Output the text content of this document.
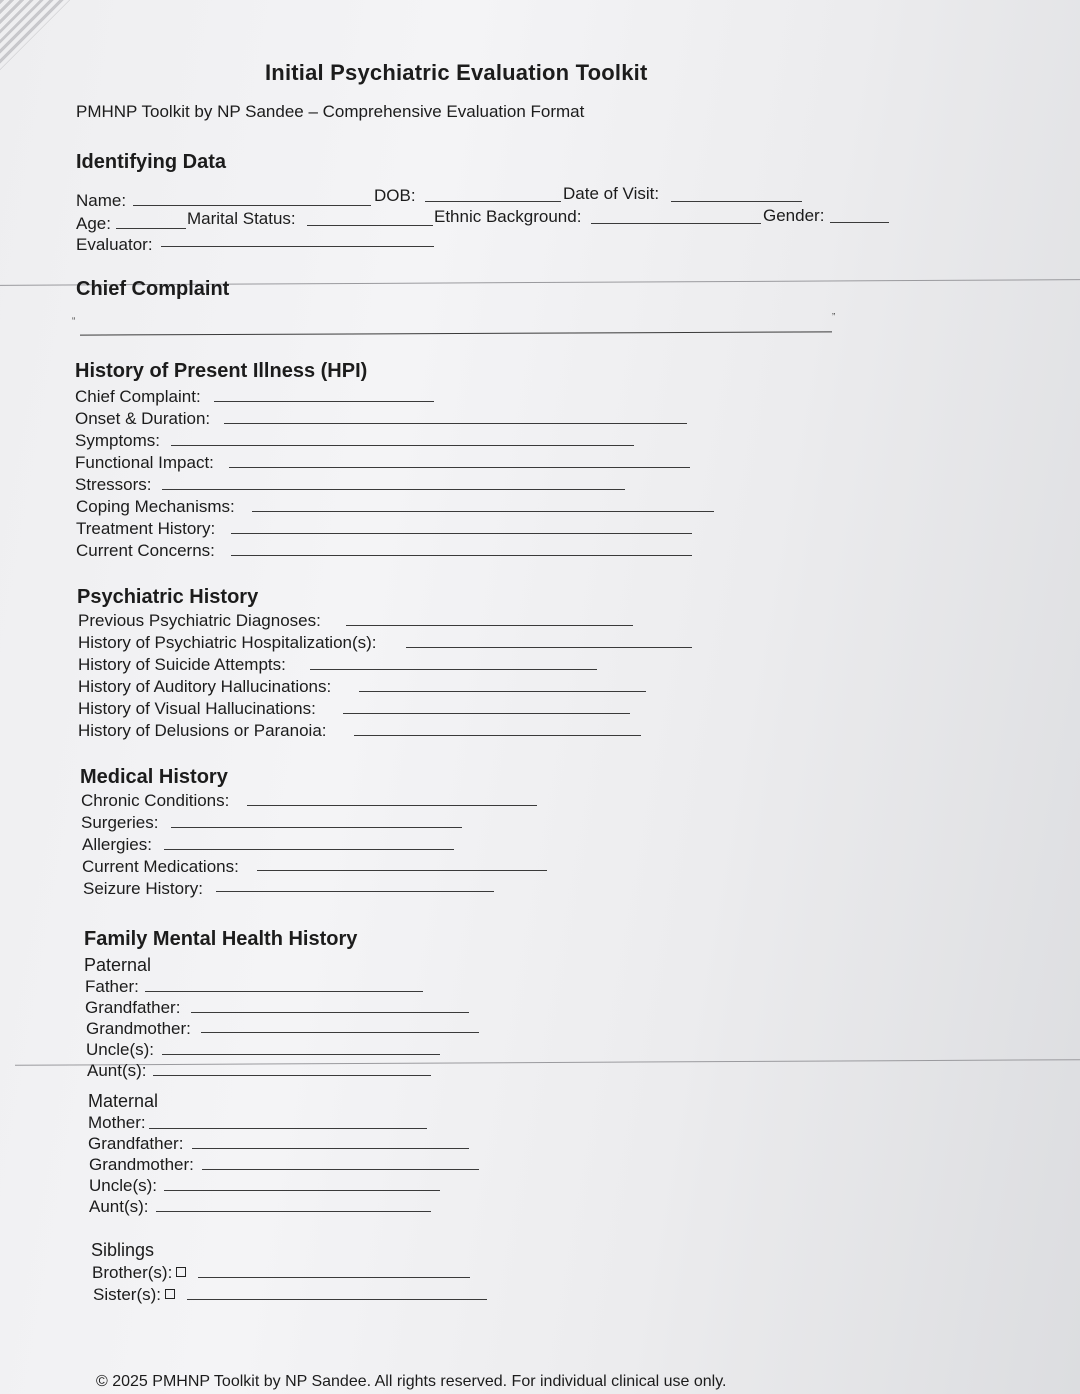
Initial Psychiatric Evaluation Toolkit
PMHNP Toolkit by NP Sandee – Comprehensive Evaluation Format
Identifying Data
Name:	DOB:	Date of Visit:
Age:	Marital Status:	Ethnic Background:	Gender:
Evaluator:
Chief Complaint
“	”
History of Present Illness (HPI)
Chief Complaint:
Onset & Duration:
Symptoms:
Functional Impact:
Stressors:
Coping Mechanisms:
Treatment History:
Current Concerns:
Psychiatric History
Previous Psychiatric Diagnoses:
History of Psychiatric Hospitalization(s):
History of Suicide Attempts:
History of Auditory Hallucinations:
History of Visual Hallucinations:
History of Delusions or Paranoia:
Medical History
Chronic Conditions:
Surgeries:
Allergies:
Current Medications:
Seizure History:
Family Mental Health History
Paternal
Father:
Grandfather:
Grandmother:
Uncle(s):
Aunt(s):
Maternal
Mother:
Grandfather:
Grandmother:
Uncle(s):
Aunt(s):
Siblings
Brother(s):
Sister(s):
© 2025 PMHNP Toolkit by NP Sandee. All rights reserved. For individual clinical use only.
